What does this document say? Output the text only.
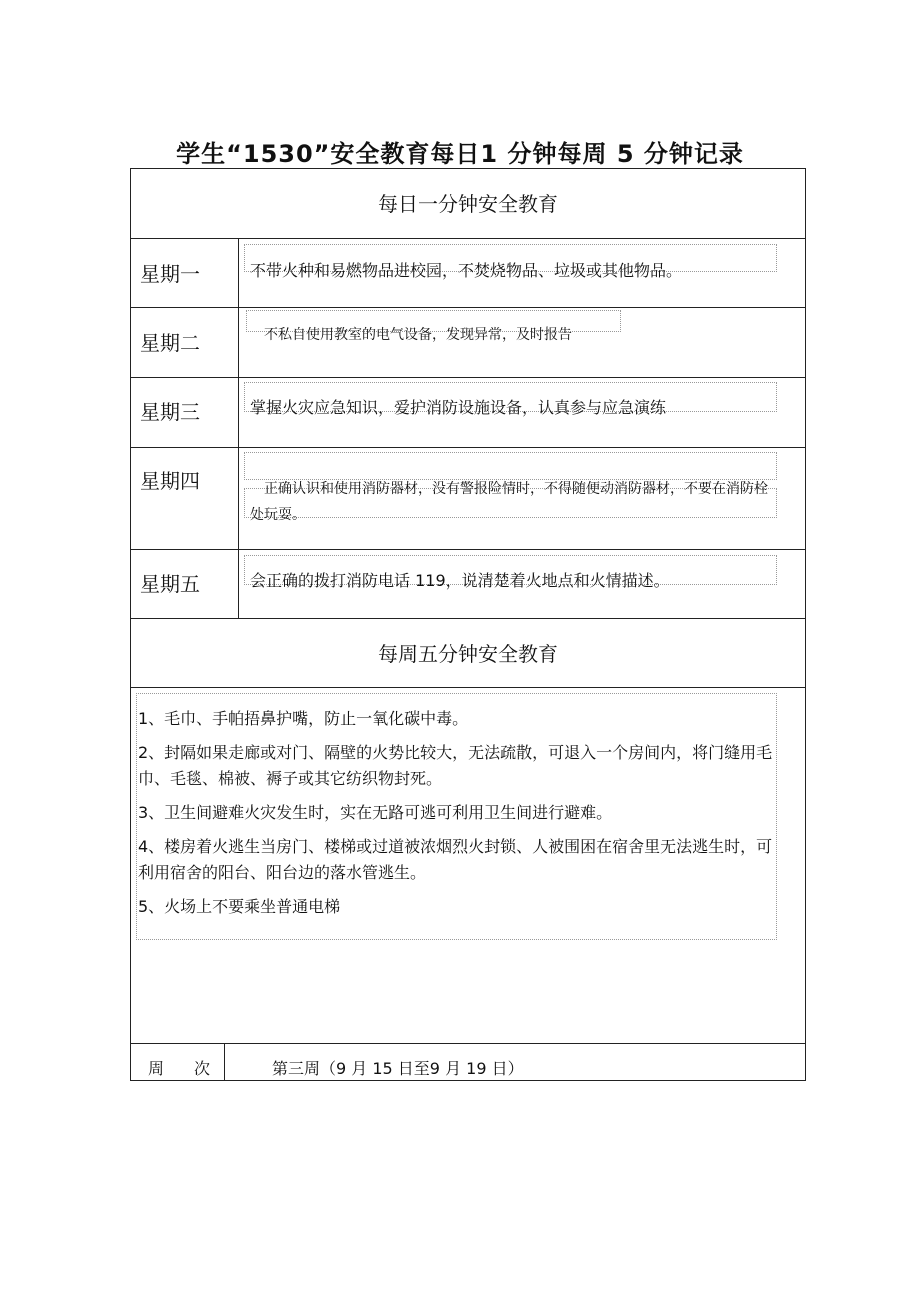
学生“1530”安全教育每日1 分钟每周 5 分钟记录
每日一分钟安全教育
星期一
星期二
星期三
星期四
星期五
不带火种和易燃物品进校园，不焚烧物品、垃圾或其他物品。
不私自使用教室的电气设备，发现异常，及时报告
掌握火灾应急知识，爱护消防设施设备，认真参与应急演练
正确认识和使用消防器材，没有警报险情时，不得随便动消防器材，不要在消防栓处玩耍。
会正确的拨打消防电话 119，说清楚着火地点和火情描述。
每周五分钟安全教育
1、毛巾、手帕捂鼻护嘴，防止一氧化碳中毒。
2、封隔如果走廊或对门、隔壁的火势比较大，无法疏散，可退入一个房间内，将门缝用毛巾、毛毯、棉被、褥子或其它纺织物封死。
3、卫生间避难火灾发生时，实在无路可逃可利用卫生间进行避难。
4、楼房着火逃生当房门、楼梯或过道被浓烟烈火封锁、人被围困在宿舍里无法逃生时，可利用宿舍的阳台、阳台边的落水管逃生。
5、火场上不要乘坐普通电梯
周次 第三周（9 月 15 日至9 月 19 日）
